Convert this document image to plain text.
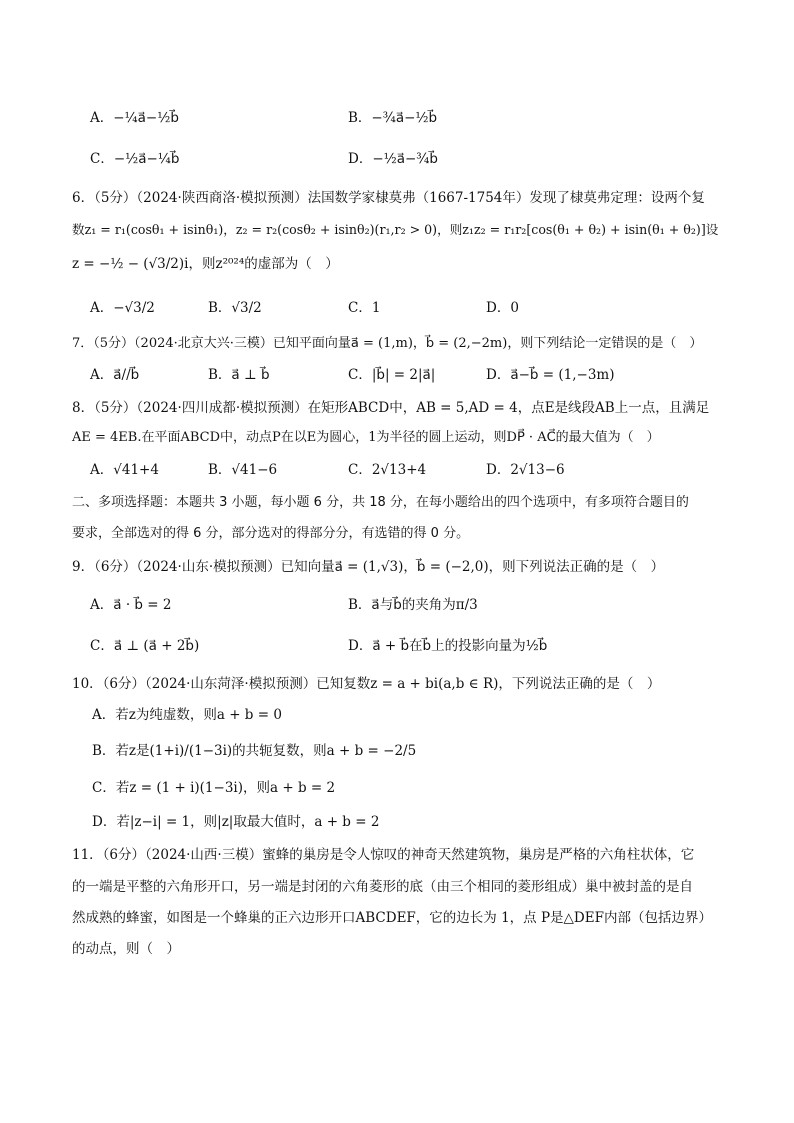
A．−¼a⃗−½b⃗	B．−¾a⃗−½b⃗
C．−½a⃗−¼b⃗	D．−½a⃗−¾b⃗
6．（5分）（2024·陕西商洛·模拟预测）法国数学家棣莫弗（1667-1754年）发现了棣莫弗定理：设两个复
数z₁ = r₁(cosθ₁ + isinθ₁)，z₂ = r₂(cosθ₂ + isinθ₂)(r₁,r₂ > 0)，则z₁z₂ = r₁r₂[cos(θ₁ + θ₂) + isin(θ₁ + θ₂)]设
z = −½ − (√3/2)i，则z²⁰²⁴的虚部为（　）
A．−√3/2	B．√3/2	C．1	D．0
7．（5分）（2024·北京大兴·三模）已知平面向量a⃗ = (1,m)，b⃗ = (2,−2m)，则下列结论一定错误的是（　）
A．a⃗//b⃗	B．a⃗ ⊥ b⃗	C．|b⃗| = 2|a⃗|	D．a⃗−b⃗ = (1,−3m)
8．（5分）（2024·四川成都·模拟预测）在矩形ABCD中，AB = 5,AD = 4，点E是线段AB上一点，且满足
AE = 4EB.在平面ABCD中，动点P在以E为圆心，1为半径的圆上运动，则DP⃗ · AC⃗的最大值为（　）
A．√41+4	B．√41−6	C．2√13+4	D．2√13−6
二、多项选择题：本题共 3 小题，每小题 6 分，共 18 分，在每小题给出的四个选项中，有多项符合题目的
要求，全部选对的得 6 分，部分选对的得部分分，有选错的得 0 分。
9．（6分）（2024·山东·模拟预测）已知向量a⃗ = (1,√3)，b⃗ = (−2,0)，则下列说法正确的是（　）
A．a⃗ · b⃗ = 2	B．a⃗与b⃗的夹角为π/3
C．a⃗ ⊥ (a⃗ + 2b⃗)	D．a⃗ + b⃗在b⃗上的投影向量为½b⃗
10．（6分）（2024·山东菏泽·模拟预测）已知复数z = a + bi(a,b ∈ R)，下列说法正确的是（　）
A．若z为纯虚数，则a + b = 0
B．若z是(1+i)/(1−3i)的共轭复数，则a + b = −2/5
C．若z = (1 + i)(1−3i)，则a + b = 2
D．若|z−i| = 1，则|z|取最大值时，a + b = 2
11．（6分）（2024·山西·三模）蜜蜂的巢房是令人惊叹的神奇天然建筑物，巢房是严格的六角柱状体，它
的一端是平整的六角形开口，另一端是封闭的六角菱形的底（由三个相同的菱形组成）巢中被封盖的是自
然成熟的蜂蜜，如图是一个蜂巢的正六边形开口ABCDEF，它的边长为 1，点 P是△DEF内部（包括边界）
的动点，则（　）
